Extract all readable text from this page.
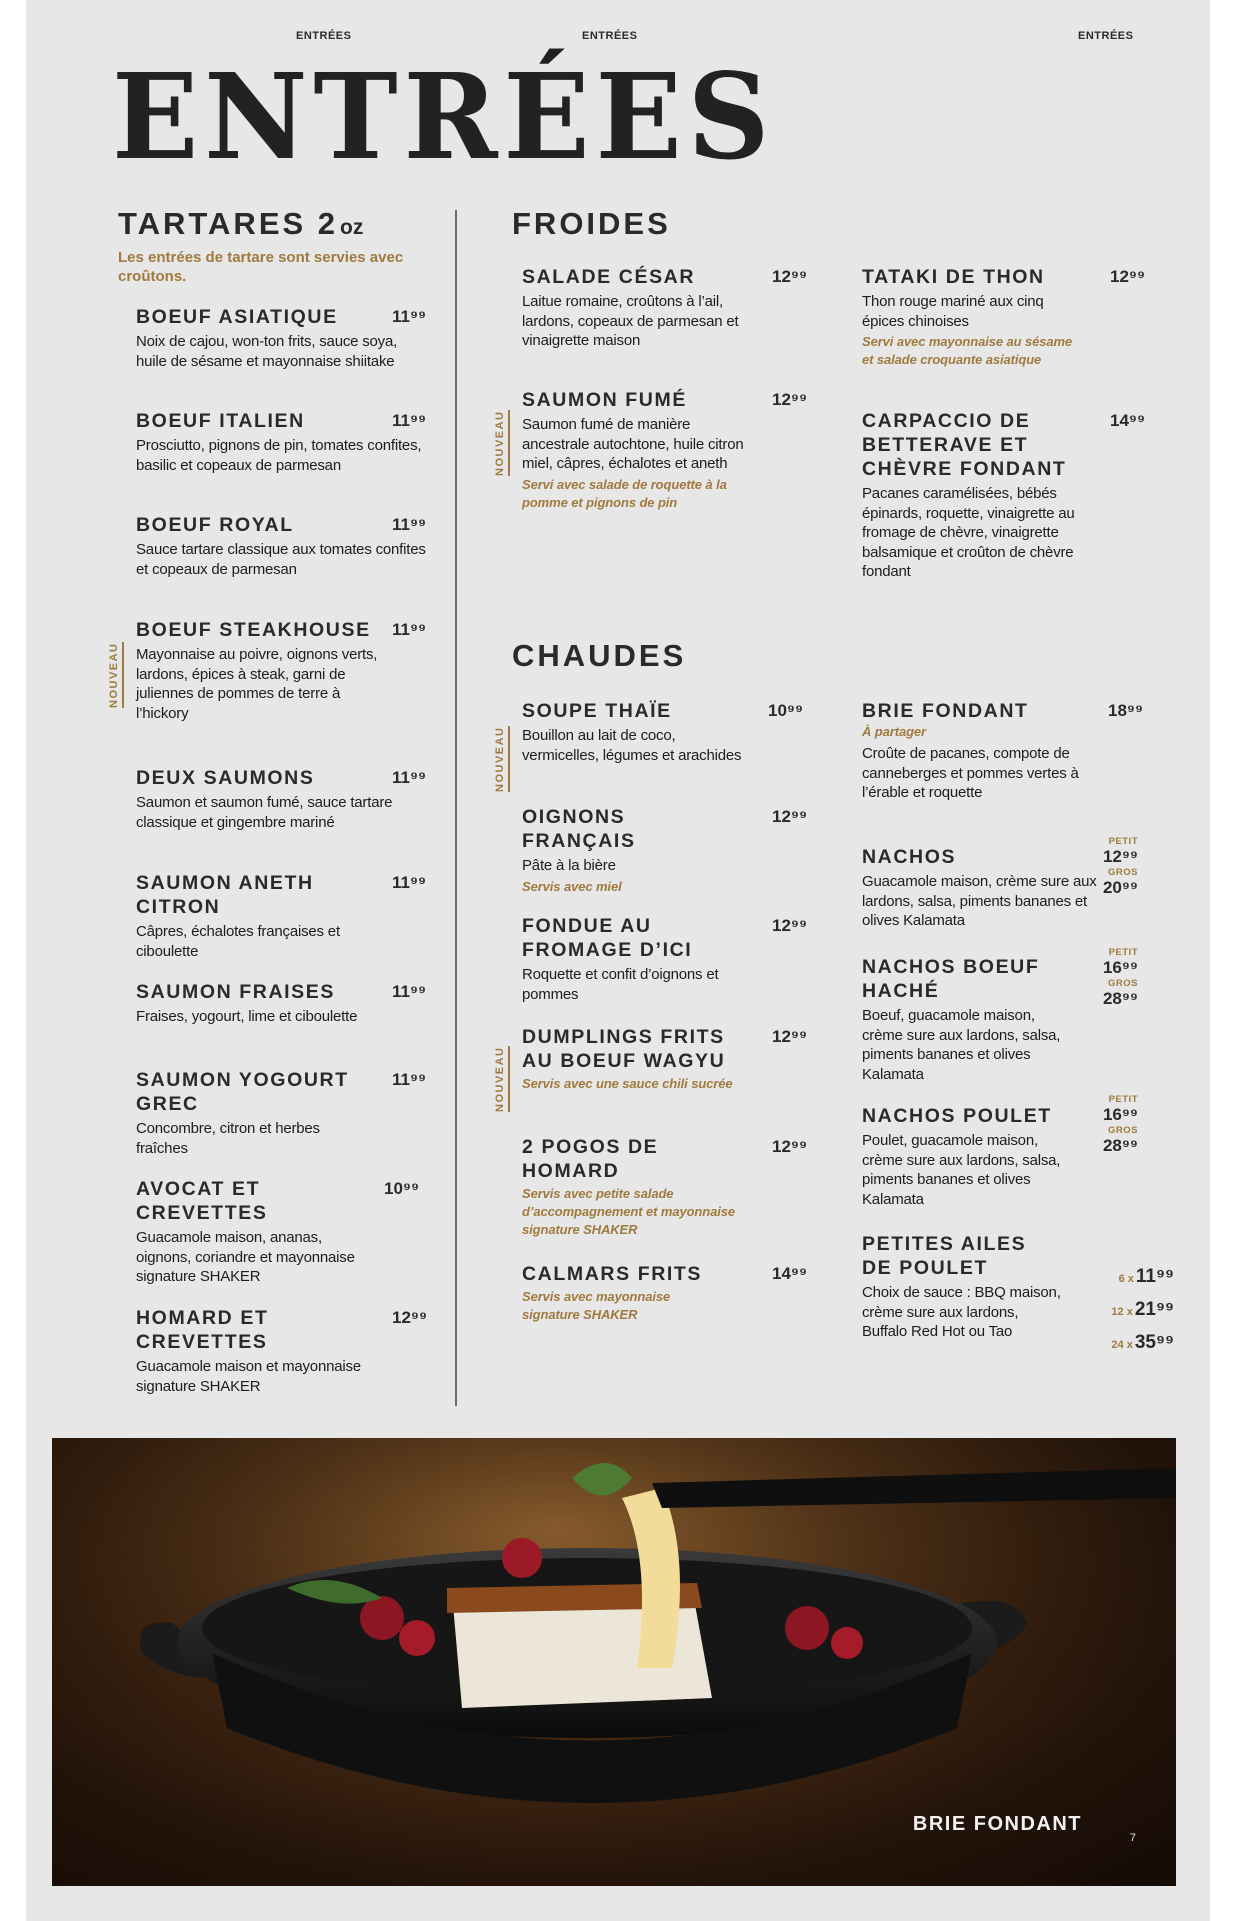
ENTRÉES	ENTRÉES	ENTRÉES
ENTRÉES
TARTARES 2oz
Les entrées de tartare sont servies avec croûtons.
BOEUF ASIATIQUE
Noix de cajou, won-ton frits, sauce soya, huile de sésame et mayonnaise shiitake
11⁹⁹
BOEUF ITALIEN
Prosciutto, pignons de pin, tomates confites, basilic et copeaux de parmesan
11⁹⁹
BOEUF ROYAL
Sauce tartare classique aux tomates confites et copeaux de parmesan
11⁹⁹
NOUVEAU
BOEUF STEAKHOUSE
Mayonnaise au poivre, oignons verts, lardons, épices à steak, garni de juliennes de pommes de terre à l’hickory
11⁹⁹
DEUX SAUMONS
Saumon et saumon fumé, sauce tartare classique et gingembre mariné
11⁹⁹
SAUMON ANETH CITRON
Câpres, échalotes françaises et ciboulette
11⁹⁹
SAUMON FRAISES
Fraises, yogourt, lime et ciboulette
11⁹⁹
SAUMON YOGOURT GREC
Concombre, citron et herbes fraîches
11⁹⁹
AVOCAT ET CREVETTES
Guacamole maison, ananas, oignons, coriandre et mayonnaise signature SHAKER
10⁹⁹
HOMARD ET CREVETTES
Guacamole maison et mayonnaise signature SHAKER
12⁹⁹
FROIDES
SALADE CÉSAR
Laitue romaine, croûtons à l’ail, lardons, copeaux de parmesan et vinaigrette maison
12⁹⁹
NOUVEAU
SAUMON FUMÉ
Saumon fumé de manière ancestrale autochtone, huile citron miel, câpres, échalotes et aneth
Servi avec salade de roquette à la pomme et pignons de pin
12⁹⁹
TATAKI DE THON
Thon rouge mariné aux cinq épices chinoises
Servi avec mayonnaise au sésame et salade croquante asiatique
12⁹⁹
CARPACCIO DE BETTERAVE ET CHÈVRE FONDANT
Pacanes caramélisées, bébés épinards, roquette, vinaigrette au fromage de chèvre, vinaigrette balsamique et croûton de chèvre fondant
14⁹⁹
CHAUDES
NOUVEAU
SOUPE THAÏE
Bouillon au lait de coco, vermicelles, légumes et arachides
10⁹⁹
OIGNONS FRANÇAIS
Pâte à la bière
Servis avec miel
12⁹⁹
FONDUE AU FROMAGE D’ICI
Roquette et confit d’oignons et pommes
12⁹⁹
NOUVEAU
DUMPLINGS FRITS AU BOEUF WAGYU
Servis avec une sauce chili sucrée
12⁹⁹
2 POGOS DE HOMARD
Servis avec petite salade d’accompagnement et mayonnaise signature SHAKER
12⁹⁹
CALMARS FRITS
Servis avec mayonnaise signature SHAKER
14⁹⁹
BRIE FONDANT
À partager
Croûte de pacanes, compote de canneberges et pommes vertes à l’érable et roquette
18⁹⁹
NACHOS
Guacamole maison, crème sure aux lardons, salsa, piments bananes et olives Kalamata
PETIT
12⁹⁹
GROS
20⁹⁹
NACHOS BOEUF HACHÉ
Boeuf, guacamole maison, crème sure aux lardons, salsa, piments bananes et olives Kalamata
PETIT
16⁹⁹
GROS
28⁹⁹
NACHOS POULET
Poulet, guacamole maison, crème sure aux lardons, salsa, piments bananes et olives Kalamata
PETIT
16⁹⁹
GROS
28⁹⁹
PETITES AILES DE POULET
Choix de sauce : BBQ maison, crème sure aux lardons, Buffalo Red Hot ou Tao
6 x 11⁹⁹
12 x 21⁹⁹
24 x 35⁹⁹
BRIE FONDANT
7
